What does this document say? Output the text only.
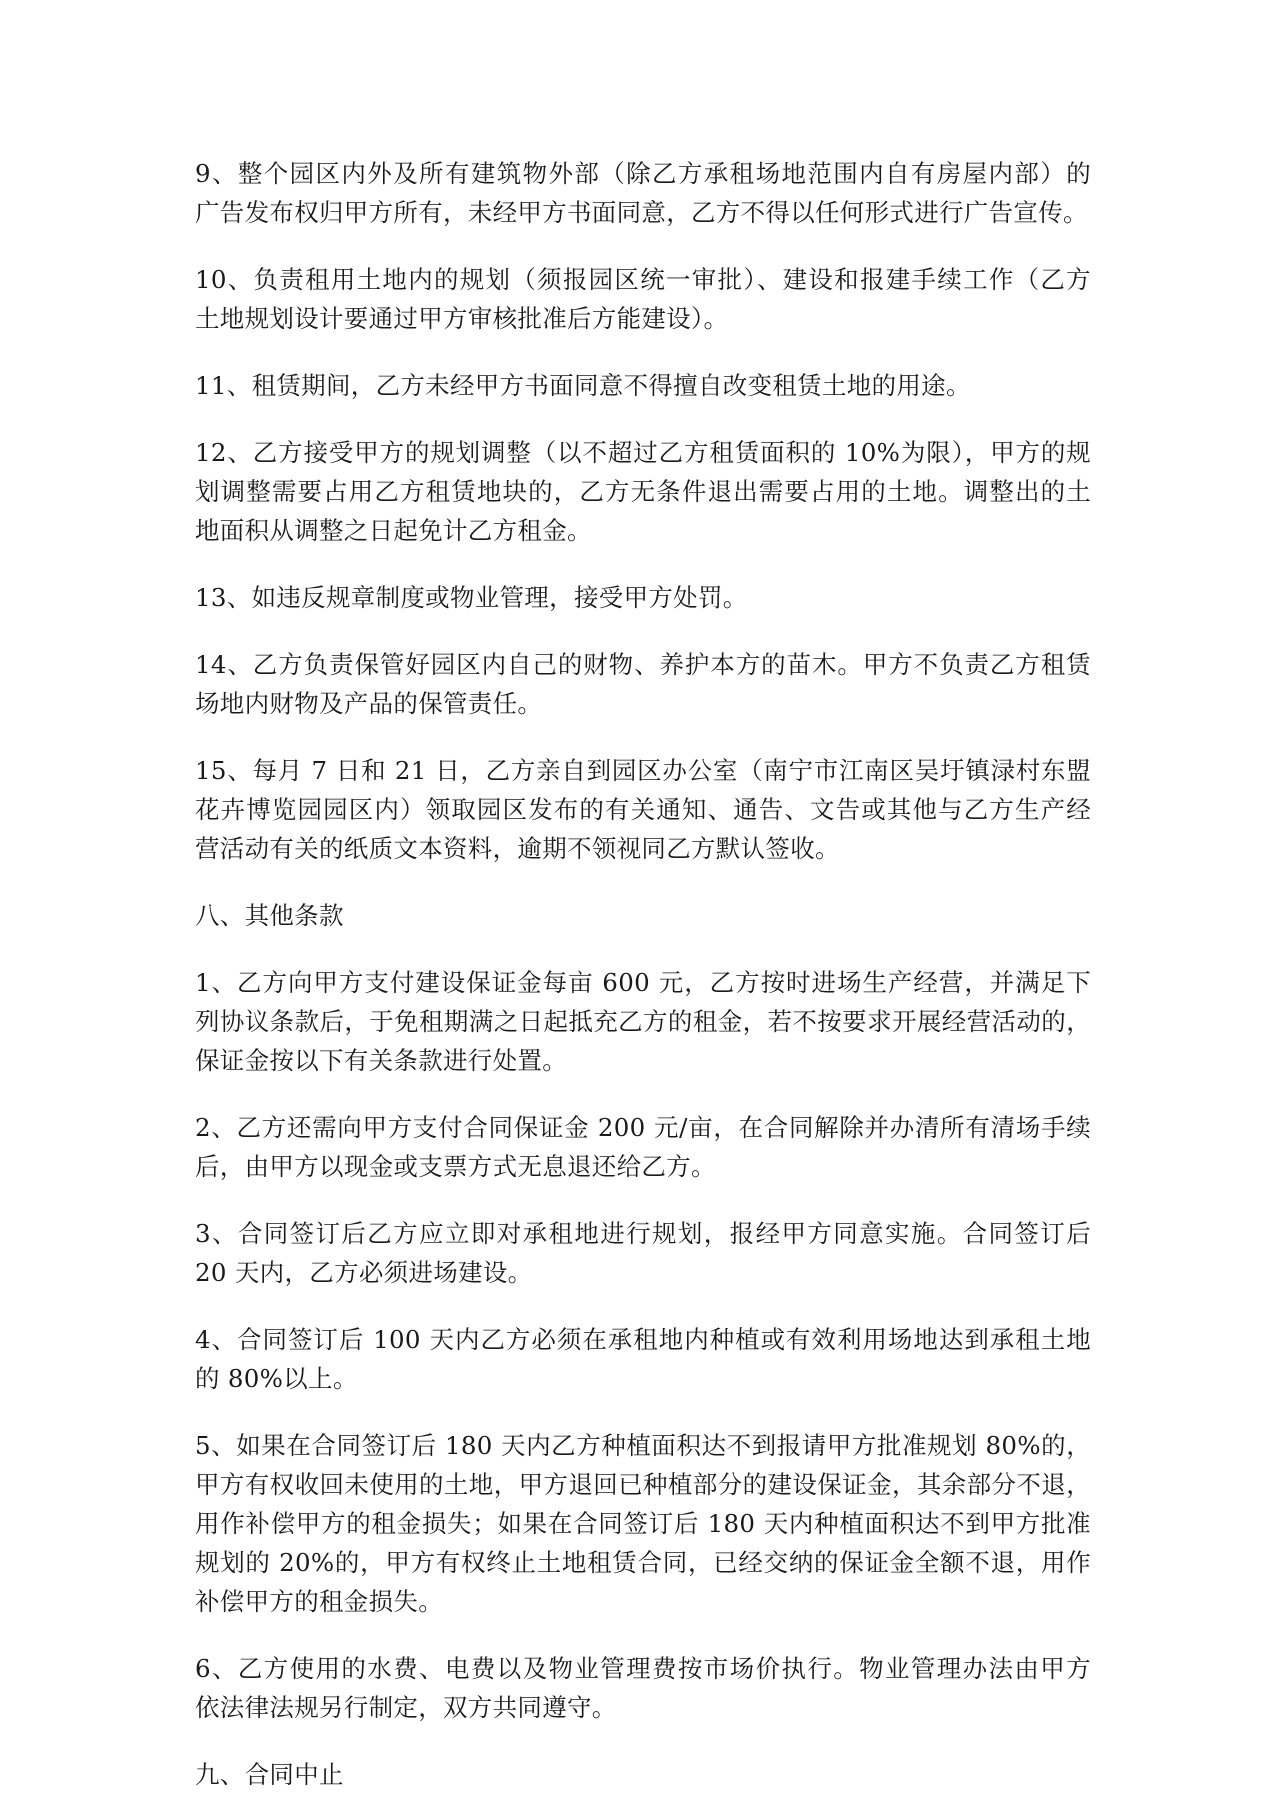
9、整个园区内外及所有建筑物外部（除乙方承租场地范围内自有房屋内部）的
广告发布权归甲方所有，未经甲方书面同意，乙方不得以任何形式进行广告宣传。
10、负责租用土地内的规划（须报园区统一审批）、建设和报建手续工作（乙方
土地规划设计要通过甲方审核批准后方能建设）。
11、租赁期间，乙方未经甲方书面同意不得擅自改变租赁土地的用途。
12、乙方接受甲方的规划调整（以不超过乙方租赁面积的 10%为限），甲方的规
划调整需要占用乙方租赁地块的，乙方无条件退出需要占用的土地。调整出的土
地面积从调整之日起免计乙方租金。
13、如违反规章制度或物业管理，接受甲方处罚。
14、乙方负责保管好园区内自己的财物、养护本方的苗木。甲方不负责乙方租赁
场地内财物及产品的保管责任。
15、每月 7 日和 21 日，乙方亲自到园区办公室（南宁市江南区吴圩镇渌村东盟
花卉博览园园区内）领取园区发布的有关通知、通告、文告或其他与乙方生产经
营活动有关的纸质文本资料，逾期不领视同乙方默认签收。
八、其他条款
1、乙方向甲方支付建设保证金每亩 600 元，乙方按时进场生产经营，并满足下
列协议条款后，于免租期满之日起抵充乙方的租金，若不按要求开展经营活动的，
保证金按以下有关条款进行处置。
2、乙方还需向甲方支付合同保证金 200 元/亩，在合同解除并办清所有清场手续
后，由甲方以现金或支票方式无息退还给乙方。
3、合同签订后乙方应立即对承租地进行规划，报经甲方同意实施。合同签订后
20 天内，乙方必须进场建设。
4、合同签订后 100 天内乙方必须在承租地内种植或有效利用场地达到承租土地
的 80%以上。
5、如果在合同签订后 180 天内乙方种植面积达不到报请甲方批准规划 80%的，
甲方有权收回未使用的土地，甲方退回已种植部分的建设保证金，其余部分不退，
用作补偿甲方的租金损失；如果在合同签订后 180 天内种植面积达不到甲方批准
规划的 20%的，甲方有权终止土地租赁合同，已经交纳的保证金全额不退，用作
补偿甲方的租金损失。
6、乙方使用的水费、电费以及物业管理费按市场价执行。物业管理办法由甲方
依法律法规另行制定，双方共同遵守。
九、合同中止
